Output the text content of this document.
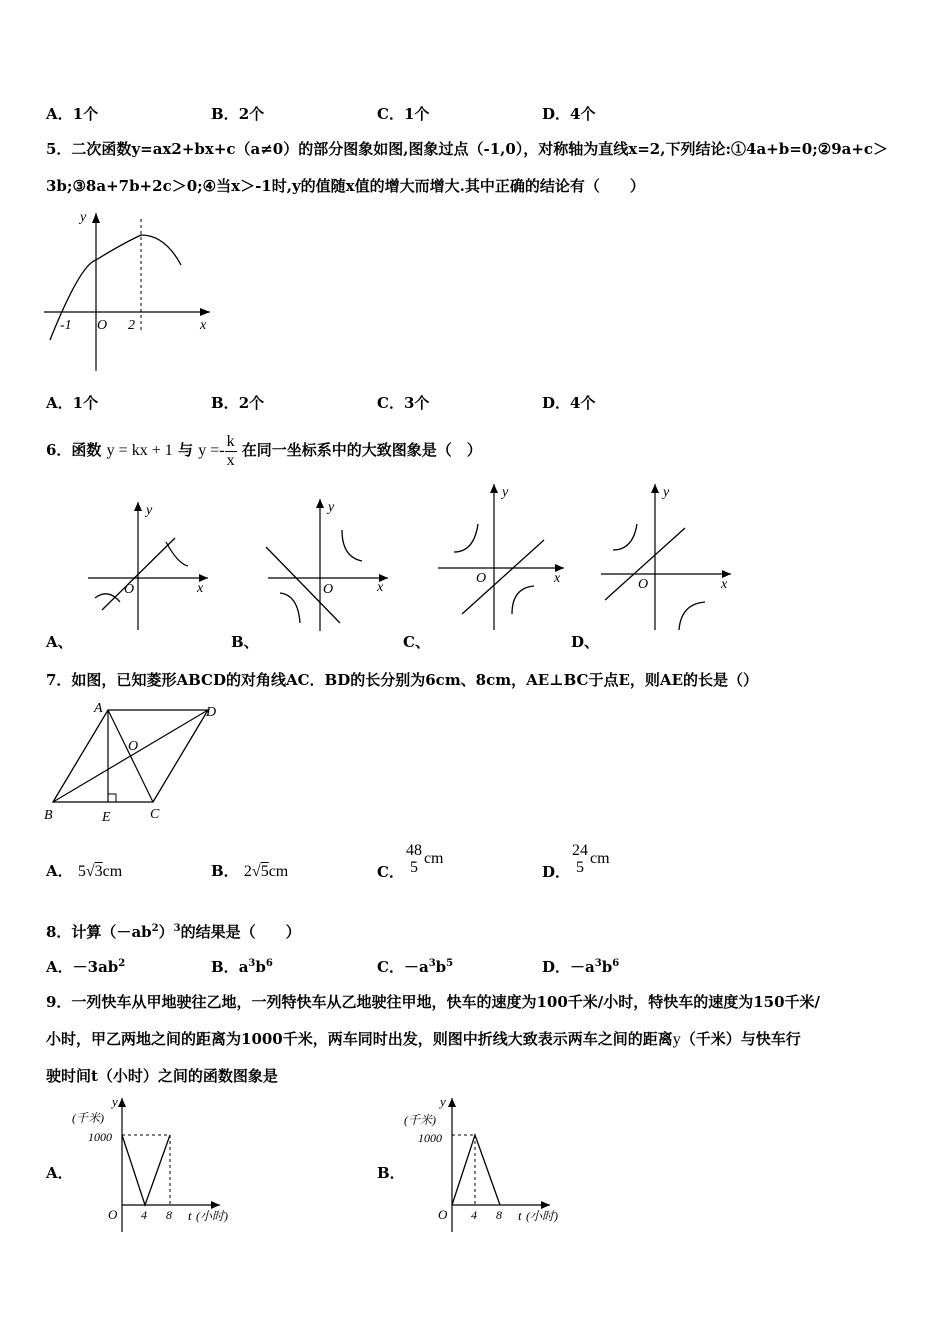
A．1个	B．2个	C．1个	D．4个
5．二次函数y=ax2+bx+c（a≠0）的部分图象如图,图象过点（-1,0），对称轴为直线x=2,下列结论:①4a+b=0;②9a+c＞
3b;③8a+7b+2c＞0;④当x＞-1时,y的值随x值的增大而增大.其中正确的结论有（　　）
y
x
-1 O 2
A．1个	B．2个	C．3个	D．4个
6．函数 y = kx + 1 与 $y =- \frac{k}{x}$ 在同一坐标系中的大致图象是（　）
y
x
O
A、
y
x
O
B、
y
x
O
C、
y
x
O
D、
7．如图，已知菱形ABCD的对角线AC．BD的长分别为6cm、8cm，AE⊥BC于点E，则AE的长是（）
A	D
B	E	C
O
A． 5√3cm	B． 2√5cm	C．
48
5
cm
D．
24
5
cm
8．计算$(-ab^2)^3$的结果是（　　）
A．$-3ab^2$	B．$a^3b^6$	C．$-a^3b^5$	D．$-a^3b^6$
9．一列快车从甲地驶往乙地，一列特快车从乙地驶往甲地，快车的速度为100千米/小时，特快车的速度为150千米/
小时，甲乙两地之间的距离为1000千米，两车同时出发，则图中折线大致表示两车之间的距离y（千米）与快车行
驶时间t（小时）之间的函数图象是
y
(千米)
1000
O 4 8 t (小时)
A．
y
(千米)
1000
O 4 8 t (小时)
B．
